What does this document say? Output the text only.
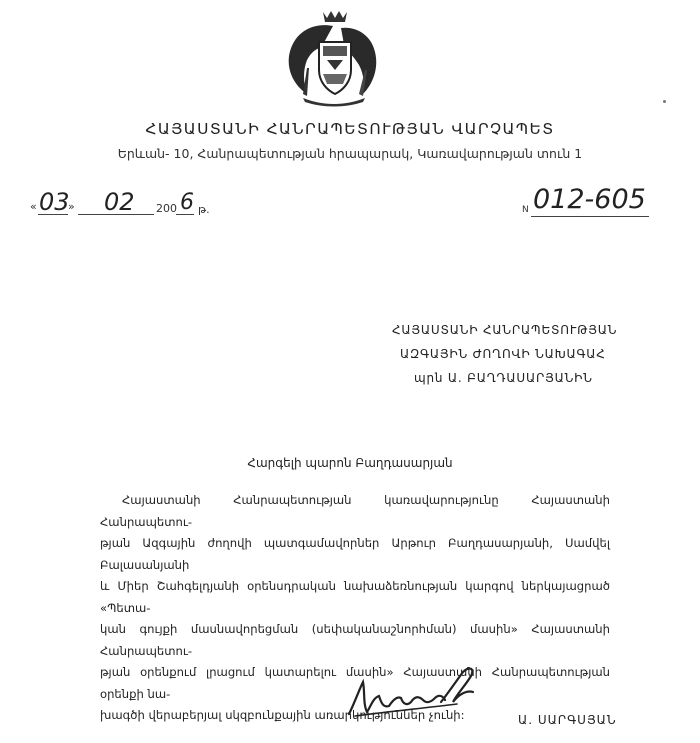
ՀԱՅԱՍՏԱՆԻ ՀԱՆՐԱՊԵՏՈՒԹՅԱՆ ՎԱՐՉԱՊԵՏ
Երևան- 10, Հանրապետության հրապարակ, Կառավարության տուն 1
« 03
» 02 200 6 թ.	N 012-605
ՀԱՅԱՍՏԱՆԻ ՀԱՆՐԱՊԵՏՈՒԹՅԱՆ
ԱԶԳԱՅԻՆ ԺՈՂՈՎԻ ՆԱԽԱԳԱՀ
պրն Ա. ԲԱՂԴԱՍԱՐՅԱՆԻՆ
Հարգելի պարոն Բաղդասարյան
Հայաստանի Հանրապետության կառավարությունը Հայաստանի Հանրապետու-
թյան Ազգային ժողովի պատգամավորներ Արթուր Բաղդասարյանի, Սամվել Բալասանյանի
և Միեր Շահգելդյանի օրենսդրական նախաձեռնության կարգով ներկայացրած «Պետա-
կան գույքի մասնավորեցման (սեփականաշնորհման) մասին» Հայաստանի Հանրապետու-
թյան օրենքում լրացում կատարելու մասին» Հայաստանի Հանրապետության օրենքի նա-
խագծի վերաբերյալ սկզբունքային առարկություններ չունի:	Ա. ՍԱՐԳՍՅԱՆ
